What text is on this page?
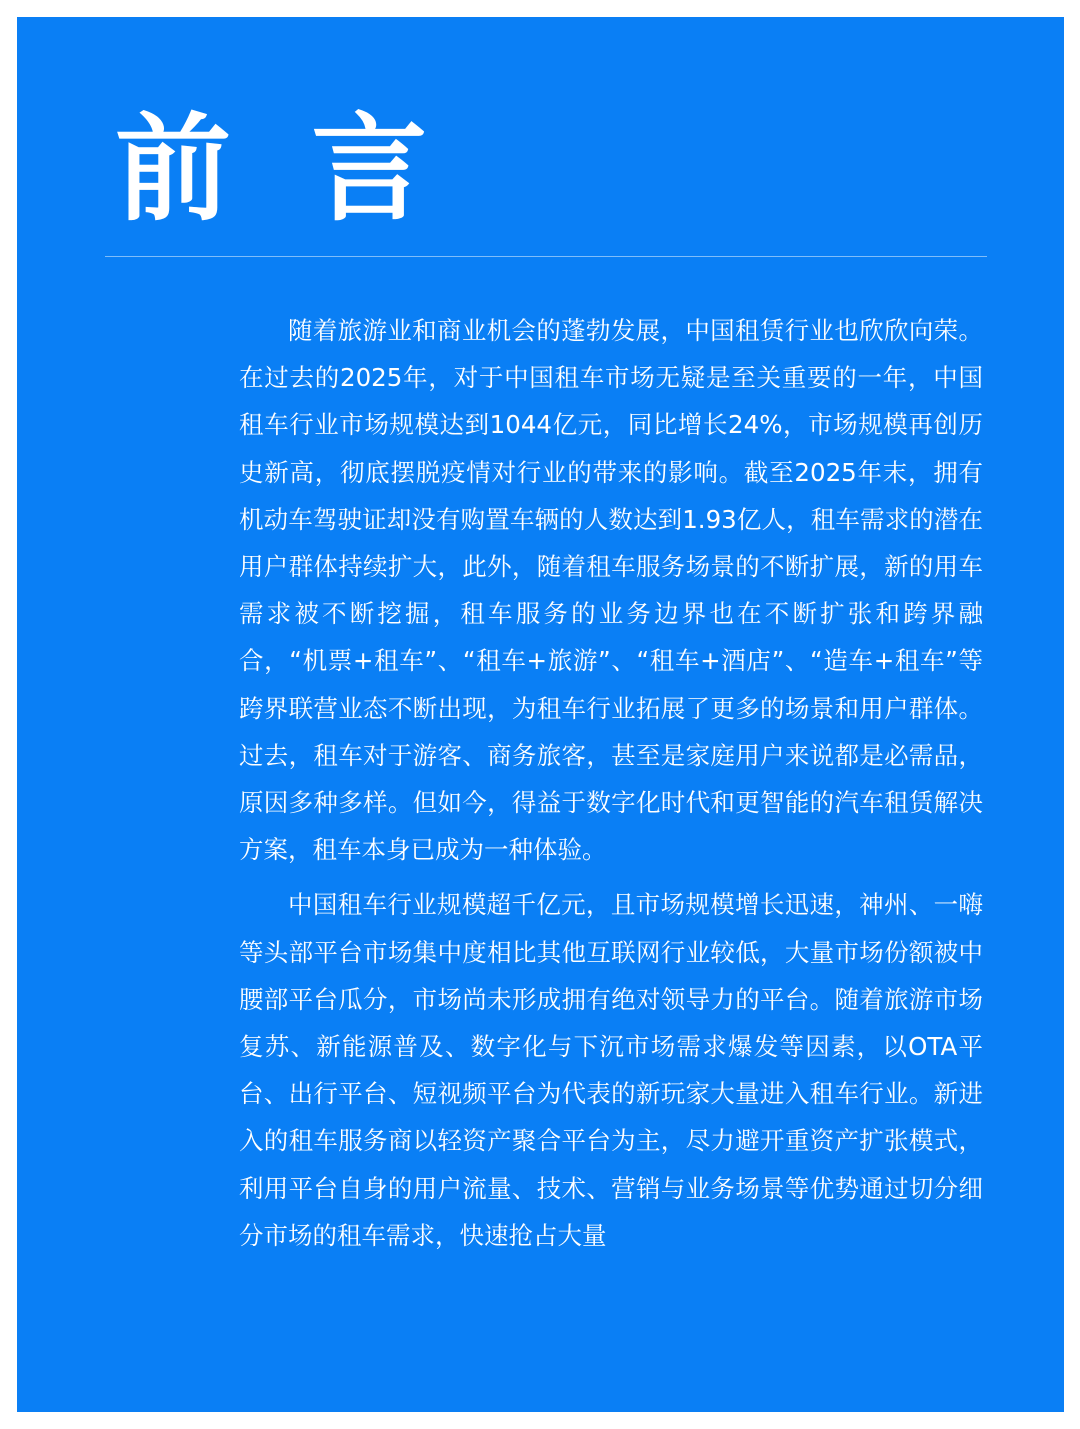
前 言

随着旅游业和商业机会的蓬勃发展，中国租赁行业也欣欣向荣。在过去的2025年，对于中国租车市场无疑是至关重要的一年，中国租车行业市场规模达到1044亿元，同比增长24%，市场规模再创历史新高，彻底摆脱疫情对行业的带来的影响。截至2025年末，拥有机动车驾驶证却没有购置车辆的人数达到1.93亿人，租车需求的潜在用户群体持续扩大，此外，随着租车服务场景的不断扩展，新的用车需求被不断挖掘，租车服务的业务边界也在不断扩张和跨界融合，“机票+租车”、“租车+旅游”、“租车+酒店”、“造车+租车”等跨界联营业态不断出现，为租车行业拓展了更多的场景和用户群体。过去，租车对于游客、商务旅客，甚至是家庭用户来说都是必需品，原因多种多样。但如今，得益于数字化时代和更智能的汽车租赁解决方案，租车本身已成为一种体验。

中国租车行业规模超千亿元，且市场规模增长迅速，神州、一嗨等头部平台市场集中度相比其他互联网行业较低，大量市场份额被中腰部平台瓜分，市场尚未形成拥有绝对领导力的平台。随着旅游市场复苏、新能源普及、数字化与下沉市场需求爆发等因素，以OTA平台、出行平台、短视频平台为代表的新玩家大量进入租车行业。新进入的租车服务商以轻资产聚合平台为主，尽力避开重资产扩张模式，利用平台自身的用户流量、技术、营销与业务场景等优势通过切分细分市场的租车需求，快速抢占大量
